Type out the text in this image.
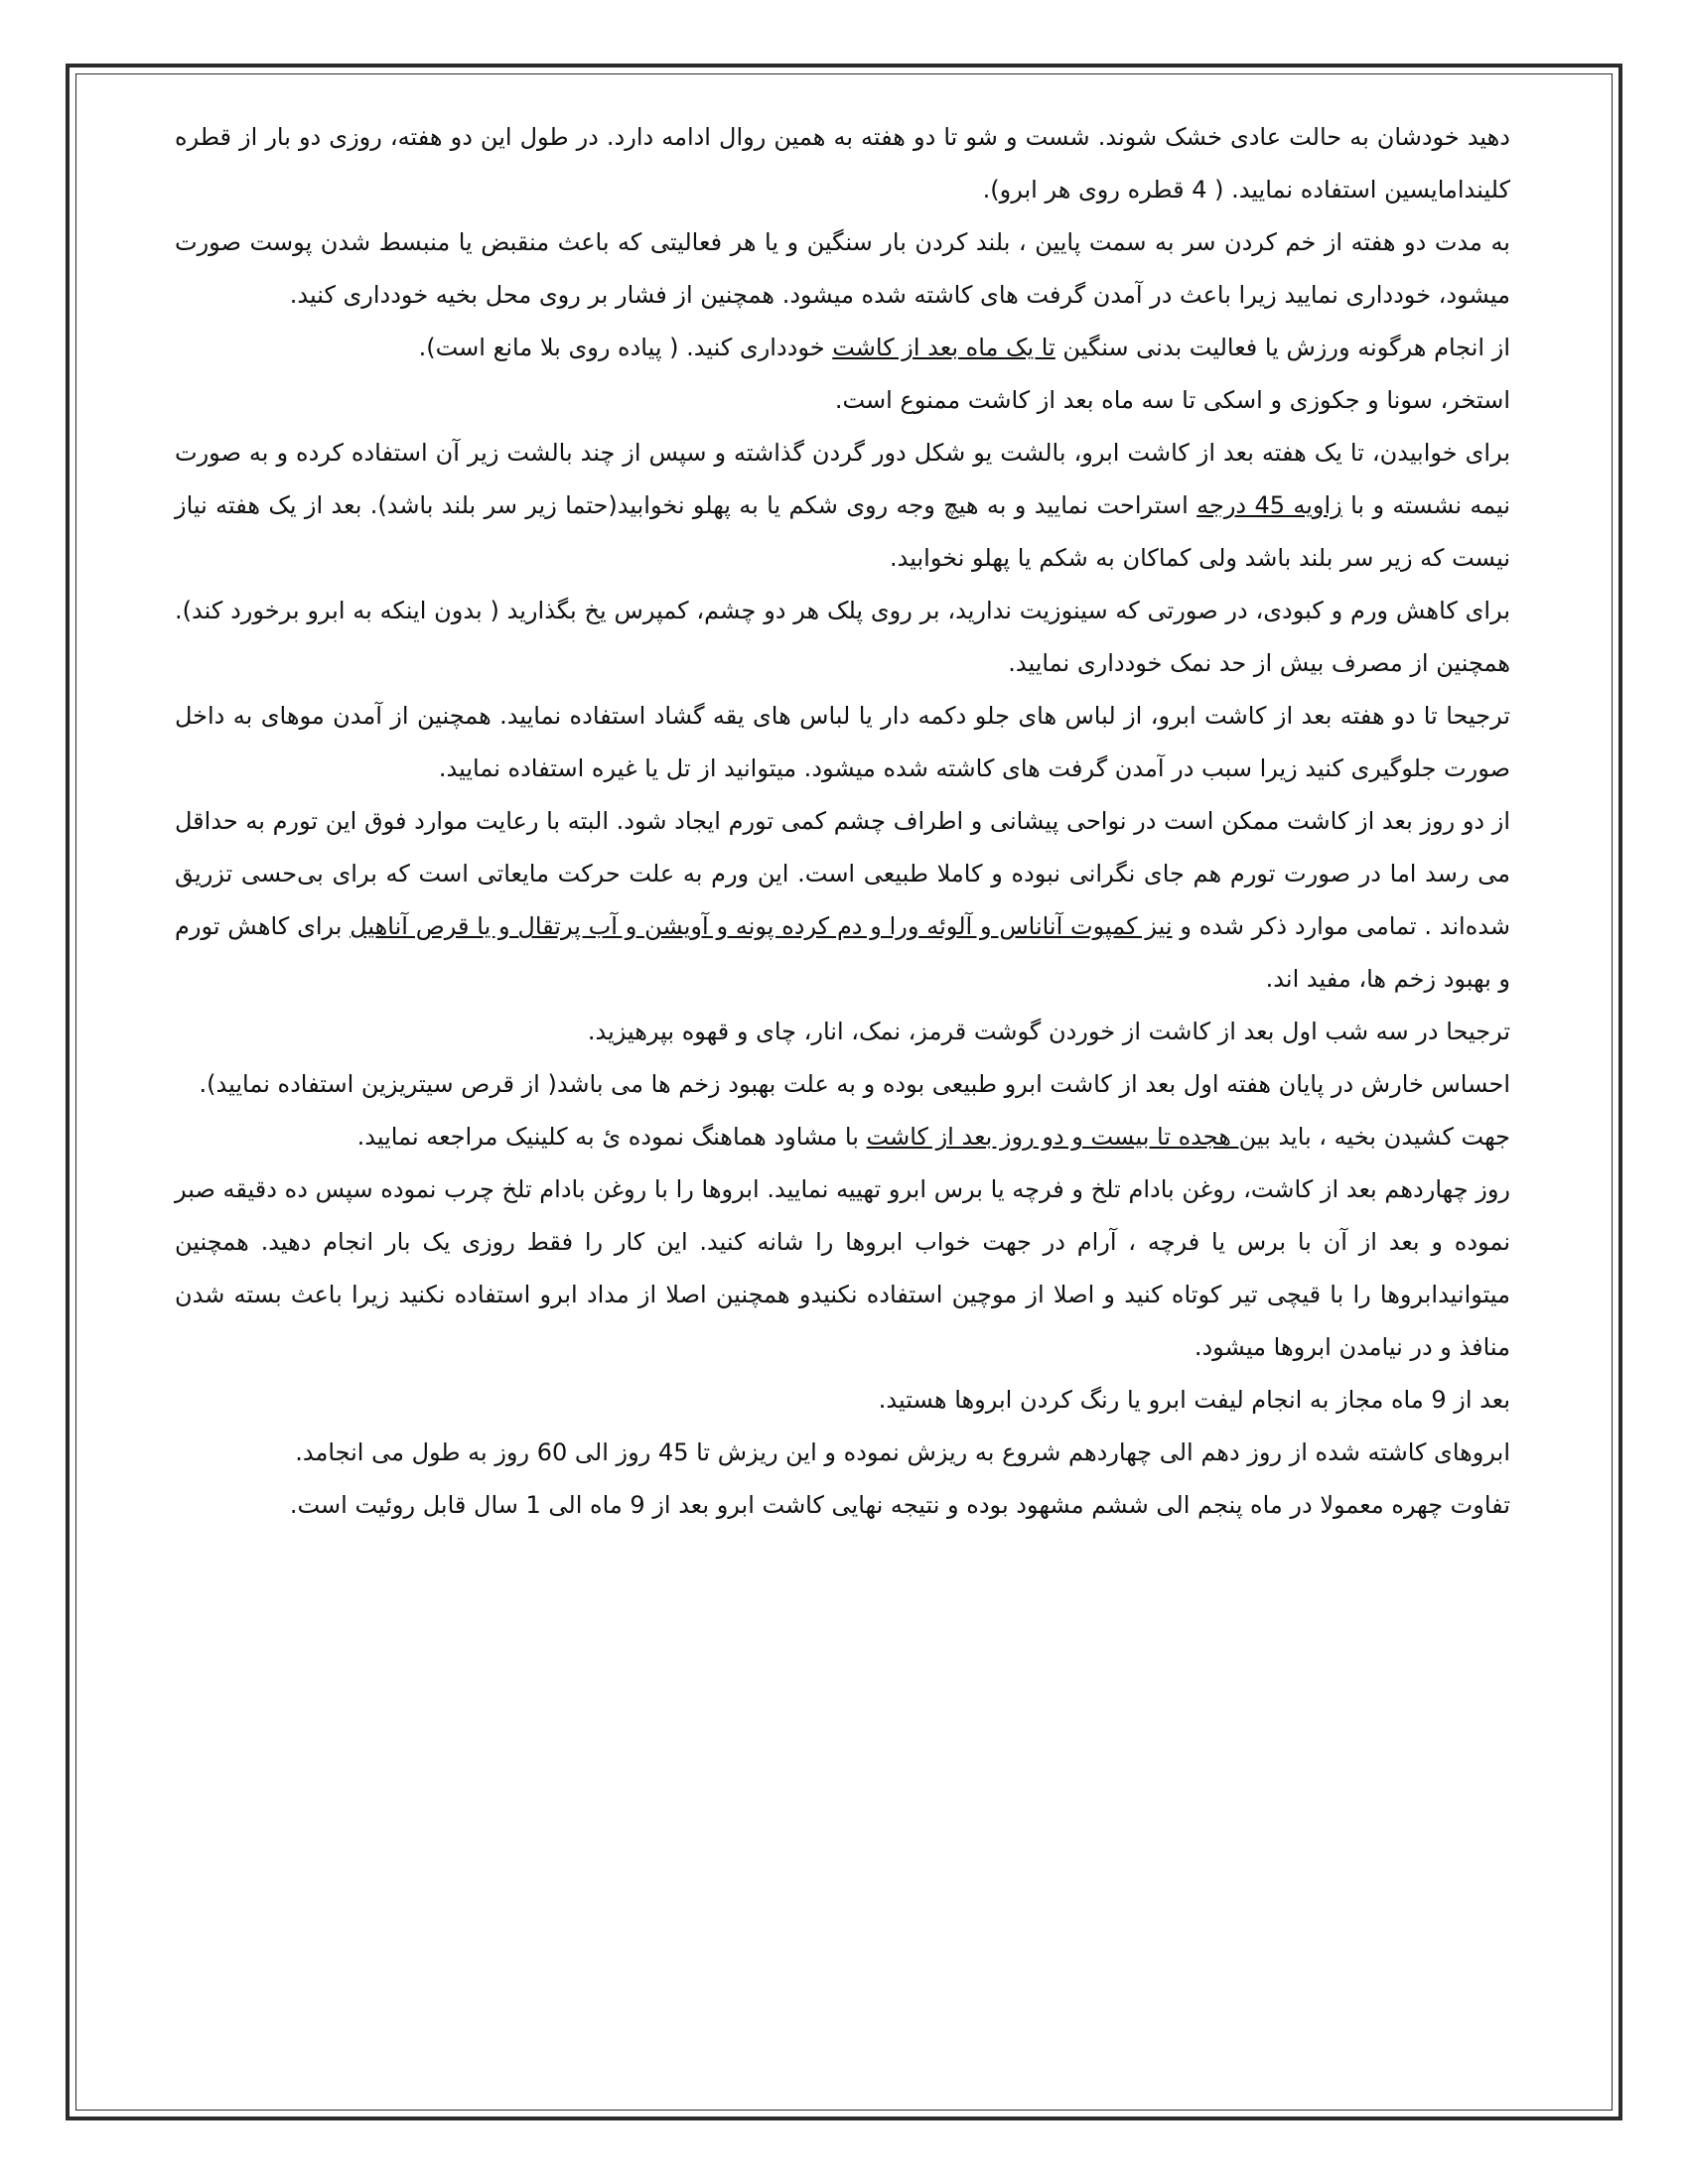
دهید خودشان به حالت عادی خشک شوند. شست و شو تا دو هفته به همین روال ادامه دارد. در طول این دو هفته، روزی دو بار از قطره کلیندامایسین استفاده نمایید. ( 4 قطره روی هر ابرو).

به مدت دو هفته از خم کردن سر به سمت پایین ، بلند کردن بار سنگین و یا هر فعالیتی که باعث منقبض یا منبسط شدن پوست صورت میشود، خودداری نمایید زیرا باعث در آمدن گرفت های کاشته شده میشود. همچنین از فشار بر روی محل بخیه خودداری کنید.

از انجام هرگونه ورزش یا فعالیت بدنی سنگین تا یک ماه بعد از کاشت خودداری کنید. ( پیاده روی بلا مانع است).

استخر، سونا و جکوزی و اسکی تا سه ماه بعد از کاشت ممنوع است.

برای خوابیدن، تا یک هفته بعد از کاشت ابرو، بالشت یو شکل دور گردن گذاشته و سپس از چند بالشت زیر آن استفاده کرده و به صورت نیمه نشسته و با زاویه 45 درجه استراحت نمایید و به هیچ وجه روی شکم یا به پهلو نخوابید(حتما زیر سر بلند باشد). بعد از یک هفته نیاز نیست که زیر سر بلند باشد ولی کماکان به شکم یا پهلو نخوابید.

برای کاهش ورم و کبودی، در صورتی که سینوزیت ندارید، بر روی پلک هر دو چشم، کمپرس یخ بگذارید ( بدون اینکه به ابرو برخورد کند). همچنین از مصرف بیش از حد نمک خودداری نمایید.

ترجیحا تا دو هفته بعد از کاشت ابرو، از لباس های جلو دکمه دار یا لباس های یقه گشاد استفاده نمایید. همچنین از آمدن موهای به داخل صورت جلوگیری کنید زیرا سبب در آمدن گرفت های کاشته شده میشود. میتوانید از تل یا غیره استفاده نمایید.

از دو روز بعد از کاشت ممکن است در نواحی پیشانی و اطراف چشم کمی تورم ایجاد شود. البته با رعایت موارد فوق این تورم به حداقل می رسد اما در صورت تورم هم جای نگرانی نبوده و کاملا طبیعی است. این ورم به علت حرکت مایعاتی است که برای بی‌حسی تزریق شده‌اند . تمامی موارد ذکر شده و نیز کمپوت آناناس و آلوئه ورا و دم کرده پونه و آویشن و آب پرتقال و یا قرص آناهیل برای کاهش تورم و بهبود زخم ها، مفید اند.

ترجیحا در سه شب اول بعد از کاشت از خوردن گوشت قرمز، نمک، انار، چای و قهوه بپرهیزید.

احساس خارش در پایان هفته اول بعد از کاشت ابرو طبیعی بوده و به علت بهبود زخم ها می باشد( از قرص سیتریزین استفاده نمایید).

جهت کشیدن بخیه ، باید بین هجده تا بیست و دو روز بعد از کاشت با مشاود هماهنگ نموده ئ به کلینیک مراجعه نمایید.

روز چهاردهم بعد از کاشت، روغن بادام تلخ و فرچه یا برس ابرو تهییه نمایید. ابروها را با روغن بادام تلخ چرب نموده سپس ده دقیقه صبر نموده و بعد از آن با برس یا فرچه ، آرام در جهت خواب ابروها را شانه کنید. این کار را فقط روزی یک بار انجام دهید. همچنین میتوانیدابروها را با قیچی تیر کوتاه کنید و اصلا از موچین استفاده نکنیدو همچنین اصلا از مداد ابرو استفاده نکنید زیرا باعث بسته شدن منافذ و در نیامدن ابروها میشود.

بعد از 9 ماه مجاز به انجام لیفت ابرو یا رنگ کردن ابروها هستید.

ابروهای کاشته شده از روز دهم الی چهاردهم شروع به ریزش نموده و این ریزش تا 45 روز الی 60 روز به طول می انجامد.

تفاوت چهره معمولا در ماه پنجم الی ششم مشهود بوده و نتیجه نهایی کاشت ابرو بعد از 9 ماه الی 1 سال قابل روئیت است.
